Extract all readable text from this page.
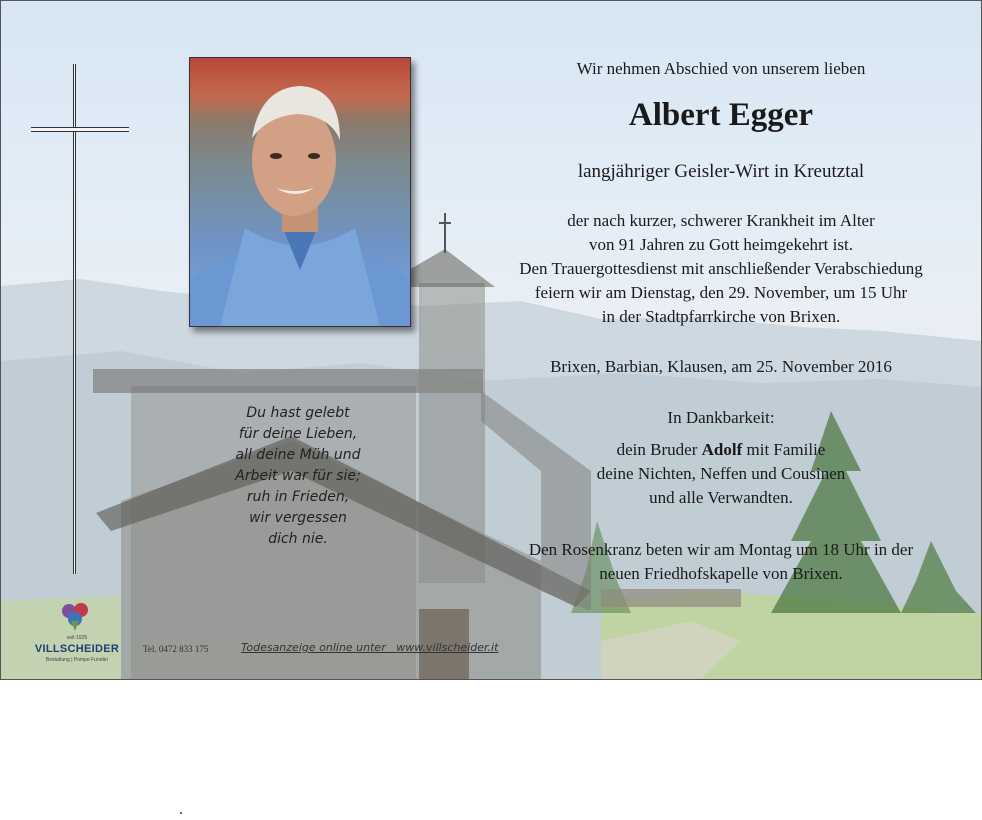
Wir nehmen Abschied von unserem lieben
Albert Egger
langjähriger Geisler-Wirt in Kreutztal
der nach kurzer, schwerer Krankheit im Alter
von 91 Jahren zu Gott heimgekehrt ist.
Den Trauergottesdienst mit anschließender Verabschiedung
feiern wir am Dienstag, den 29. November, um 15 Uhr
in der Stadtpfarrkirche von Brixen.
Brixen, Barbian, Klausen, am 25. November 2016
In Dankbarkeit:
dein Bruder Adolf mit Familie
deine Nichten, Neffen und Cousinen
und alle Verwandten.
Den Rosenkranz beten wir am Montag um 18 Uhr in der
neuen Friedhofskapelle von Brixen.
Du hast gelebt
für deine Lieben,
all deine Müh und
Arbeit war für sie;
ruh in Frieden,
wir vergessen
dich nie.
seit 1925
VILLSCHEIDER
Bestattung | Pompe Funebri
Tel. 0472 833 175	Todesanzeige online unter   www.villscheider.it
